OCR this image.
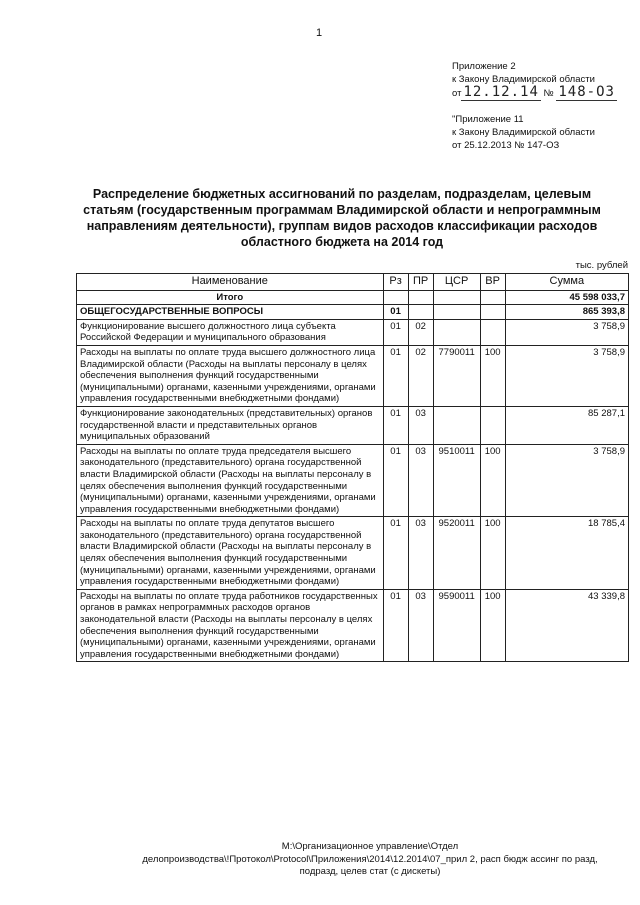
1
Приложение 2
к Закону Владимирской области
от 12.12.14 № 148-ОЗ
"Приложение 11
к Закону Владимирской области
от 25.12.2013 № 147-ОЗ
Распределение бюджетных ассигнований по разделам, подразделам, целевым статьям (государственным программам Владимирской области и непрограммным направлениям деятельности), группам видов расходов классификации расходов областного бюджета на 2014 год
тыс. рублей
Наименование	Рз	ПР	ЦСР	ВР	Сумма
Итого					45 598 033,7
ОБЩЕГОСУДАРСТВЕННЫЕ ВОПРОСЫ	01				865 393,8
Функционирование высшего должностного лица субъекта Российской Федерации и муниципального образования	01	02			3 758,9
Расходы на выплаты по оплате труда высшего должностного лица Владимирской области (Расходы на выплаты персоналу в целях обеспечения выполнения функций государственными (муниципальными) органами, казенными учреждениями, органами управления государственными внебюджетными фондами)	01	02	7790011	100	3 758,9
Функционирование законодательных (представительных) органов государственной власти и представительных органов муниципальных образований	01	03			85 287,1
Расходы на выплаты по оплате труда председателя высшего законодательного (представительного) органа государственной власти Владимирской области (Расходы на выплаты персоналу в целях обеспечения выполнения функций государственными (муниципальными) органами, казенными учреждениями, органами управления государственными внебюджетными фондами)	01	03	9510011	100	3 758,9
Расходы на выплаты по оплате труда депутатов высшего законодательного (представительного) органа государственной власти Владимирской области (Расходы на выплаты персоналу в целях обеспечения выполнения функций государственными (муниципальными) органами, казенными учреждениями, органами управления государственными внебюджетными фондами)	01	03	9520011	100	18 785,4
Расходы на выплаты по оплате труда работников государственных органов в рамках непрограммных расходов органов законодательной власти (Расходы на выплаты персоналу в целях обеспечения выполнения функций государственными (муниципальными) органами, казенными учреждениями, органами управления государственными внебюджетными фондами)	01	03	9590011	100	43 339,8
М:\Организационное управление\Отдел
делопроизводства\!Протокол\Protocol\Приложения\2014\12.2014\07_прил 2, расп бюдж ассинг по разд,
подразд, целев стат (с дискеты)
